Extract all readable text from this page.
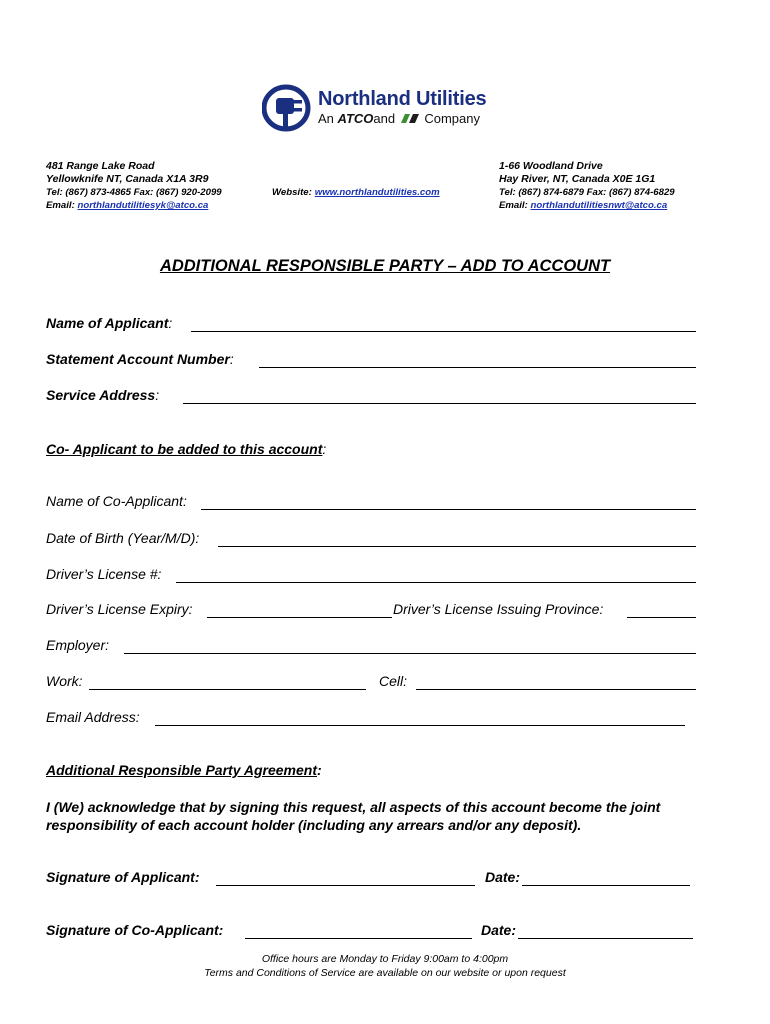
Northland Utilities
An ATCOand Company
481 Range Lake Road
Yellowknife NT, Canada X1A 3R9
Tel: (867) 873-4865 Fax: (867) 920-2099
Email: northlandutilitiesyk@atco.ca
Website: www.northlandutilities.com
1-66 Woodland Drive
Hay River, NT, Canada X0E 1G1
Tel: (867) 874-6879 Fax: (867) 874-6829
Email: northlandutilitiesnwt@atco.ca
ADDITIONAL RESPONSIBLE PARTY – ADD TO ACCOUNT
Name of Applicant:
Statement Account Number:
Service Address:
Co- Applicant to be added to this account:
Name of Co-Applicant:
Date of Birth (Year/M/D):
Driver’s License #:
Driver’s License Expiry:	Driver’s License Issuing Province:
Employer:
Work:	Cell:
Email Address:
Additional Responsible Party Agreement:
I (We) acknowledge that by signing this request, all aspects of this account become the joint responsibility of each account holder (including any arrears and/or any deposit).
Signature of Applicant:	Date:
Signature of Co-Applicant:	Date:
Office hours are Monday to Friday 9:00am to 4:00pm
Terms and Conditions of Service are available on our website or upon request
